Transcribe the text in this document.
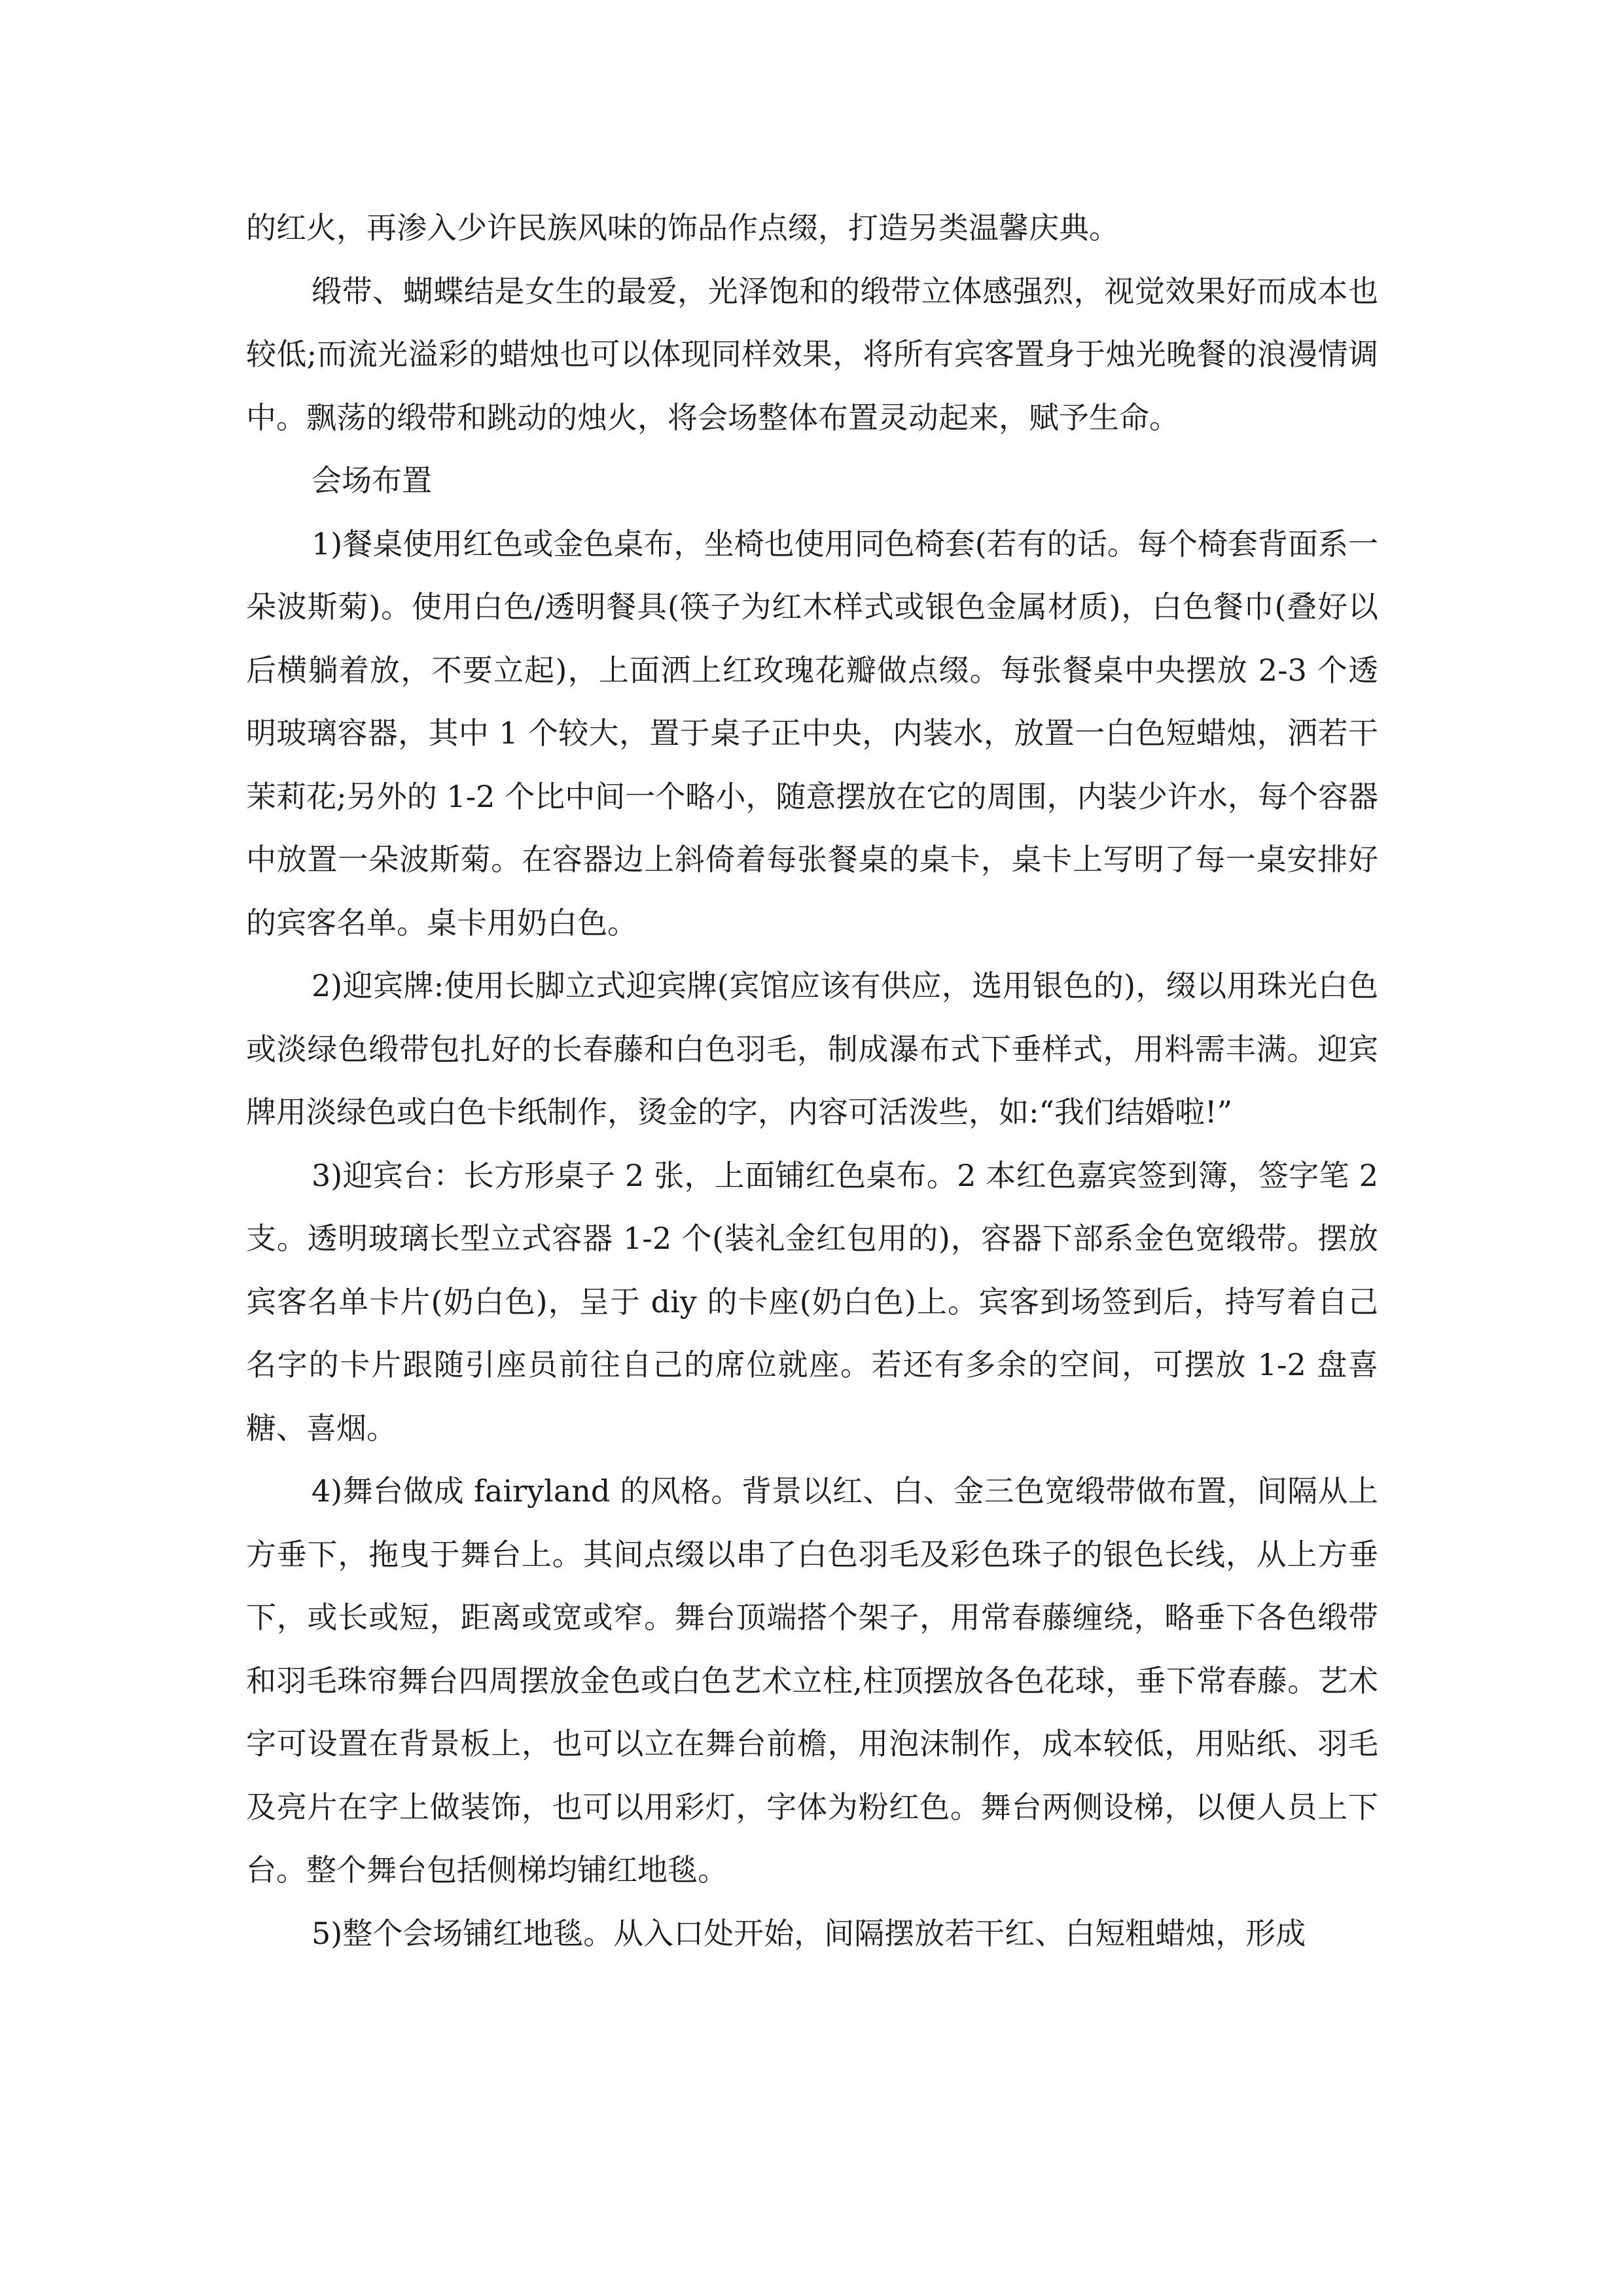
的红火，再渗入少许民族风味的饰品作点缀，打造另类温馨庆典。

缎带、蝴蝶结是女生的最爱，光泽饱和的缎带立体感强烈，视觉效果好而成本也较低;而流光溢彩的蜡烛也可以体现同样效果，将所有宾客置身于烛光晚餐的浪漫情调中。飘荡的缎带和跳动的烛火，将会场整体布置灵动起来，赋予生命。

会场布置

1)餐桌使用红色或金色桌布，坐椅也使用同色椅套(若有的话。每个椅套背面系一朵波斯菊)。使用白色/透明餐具(筷子为红木样式或银色金属材质)，白色餐巾(叠好以后横躺着放，不要立起)，上面洒上红玫瑰花瓣做点缀。每张餐桌中央摆放 2-3 个透明玻璃容器，其中 1 个较大，置于桌子正中央，内装水，放置一白色短蜡烛，洒若干茉莉花;另外的 1-2 个比中间一个略小，随意摆放在它的周围，内装少许水，每个容器中放置一朵波斯菊。在容器边上斜倚着每张餐桌的桌卡，桌卡上写明了每一桌安排好的宾客名单。桌卡用奶白色。

2)迎宾牌:使用长脚立式迎宾牌(宾馆应该有供应，选用银色的)，缀以用珠光白色或淡绿色缎带包扎好的长春藤和白色羽毛，制成瀑布式下垂样式，用料需丰满。迎宾牌用淡绿色或白色卡纸制作，烫金的字，内容可活泼些，如:“我们结婚啦!”

3)迎宾台：长方形桌子 2 张，上面铺红色桌布。2 本红色嘉宾签到簿，签字笔 2 支。透明玻璃长型立式容器 1-2 个(装礼金红包用的)，容器下部系金色宽缎带。摆放宾客名单卡片(奶白色)，呈于 diy 的卡座(奶白色)上。宾客到场签到后，持写着自己名字的卡片跟随引座员前往自己的席位就座。若还有多余的空间，可摆放 1-2 盘喜糖、喜烟。

4)舞台做成 fairyland 的风格。背景以红、白、金三色宽缎带做布置，间隔从上方垂下，拖曳于舞台上。其间点缀以串了白色羽毛及彩色珠子的银色长线，从上方垂下，或长或短，距离或宽或窄。舞台顶端搭个架子，用常春藤缠绕，略垂下各色缎带和羽毛珠帘舞台四周摆放金色或白色艺术立柱,柱顶摆放各色花球，垂下常春藤。艺术字可设置在背景板上，也可以立在舞台前檐，用泡沫制作，成本较低，用贴纸、羽毛及亮片在字上做装饰，也可以用彩灯，字体为粉红色。舞台两侧设梯，以便人员上下台。整个舞台包括侧梯均铺红地毯。

5)整个会场铺红地毯。从入口处开始，间隔摆放若干红、白短粗蜡烛，形成
